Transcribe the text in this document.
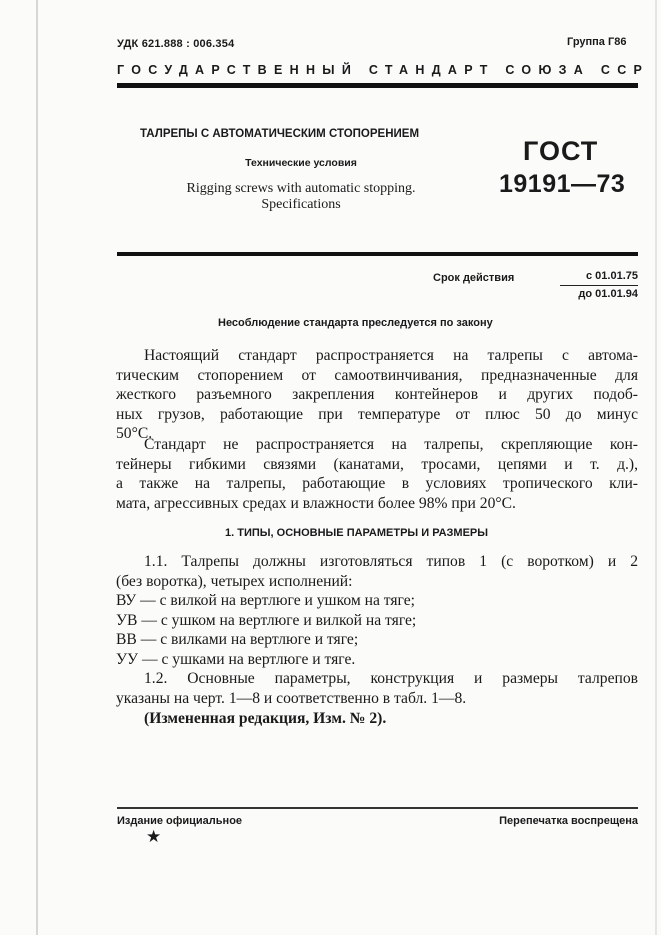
УДК 621.888 : 006.354	Группа Г86
ГОСУДАРСТВЕННЫЙ СТАНДАРТ СОЮЗА ССР
ТАЛРЕПЫ С АВТОМАТИЧЕСКИМ СТОПОРЕНИЕМ
Технические условия
Rigging screws with automatic stopping.
Specifications
ГОСТ
19191—73
Срок действия	с 01.01.75
до 01.01.94
Несоблюдение стандарта преследуется по закону
Настоящий стандарт распространяется на талрепы с автома-
тическим стопорением от самоотвинчивания, предназначенные для
жесткого разъемного закрепления контейнеров и других подоб-
ных грузов, работающие при температуре от плюс 50 до минус
50°C.
Стандарт не распространяется на талрепы, скрепляющие кон-
тейнеры гибкими связями (канатами, тросами, цепями и т. д.),
а также на талрепы, работающие в условиях тропического кли-
мата, агрессивных средах и влажности более 98% при 20°C.
1. ТИПЫ, ОСНОВНЫЕ ПАРАМЕТРЫ И РАЗМЕРЫ
1.1. Талрепы должны изготовляться типов 1 (с воротком) и 2
(без воротка), четырех исполнений:
ВУ — с вилкой на вертлюге и ушком на тяге;
УВ — с ушком на вертлюге и вилкой на тяге;
ВВ — с вилками на вертлюге и тяге;
УУ — с ушками на вертлюге и тяге.
1.2. Основные параметры, конструкция и размеры талрепов
указаны на черт. 1—8 и соответственно в табл. 1—8.
(Измененная редакция, Изм. № 2).
Издание официальное	Перепечатка воспрещена
★
